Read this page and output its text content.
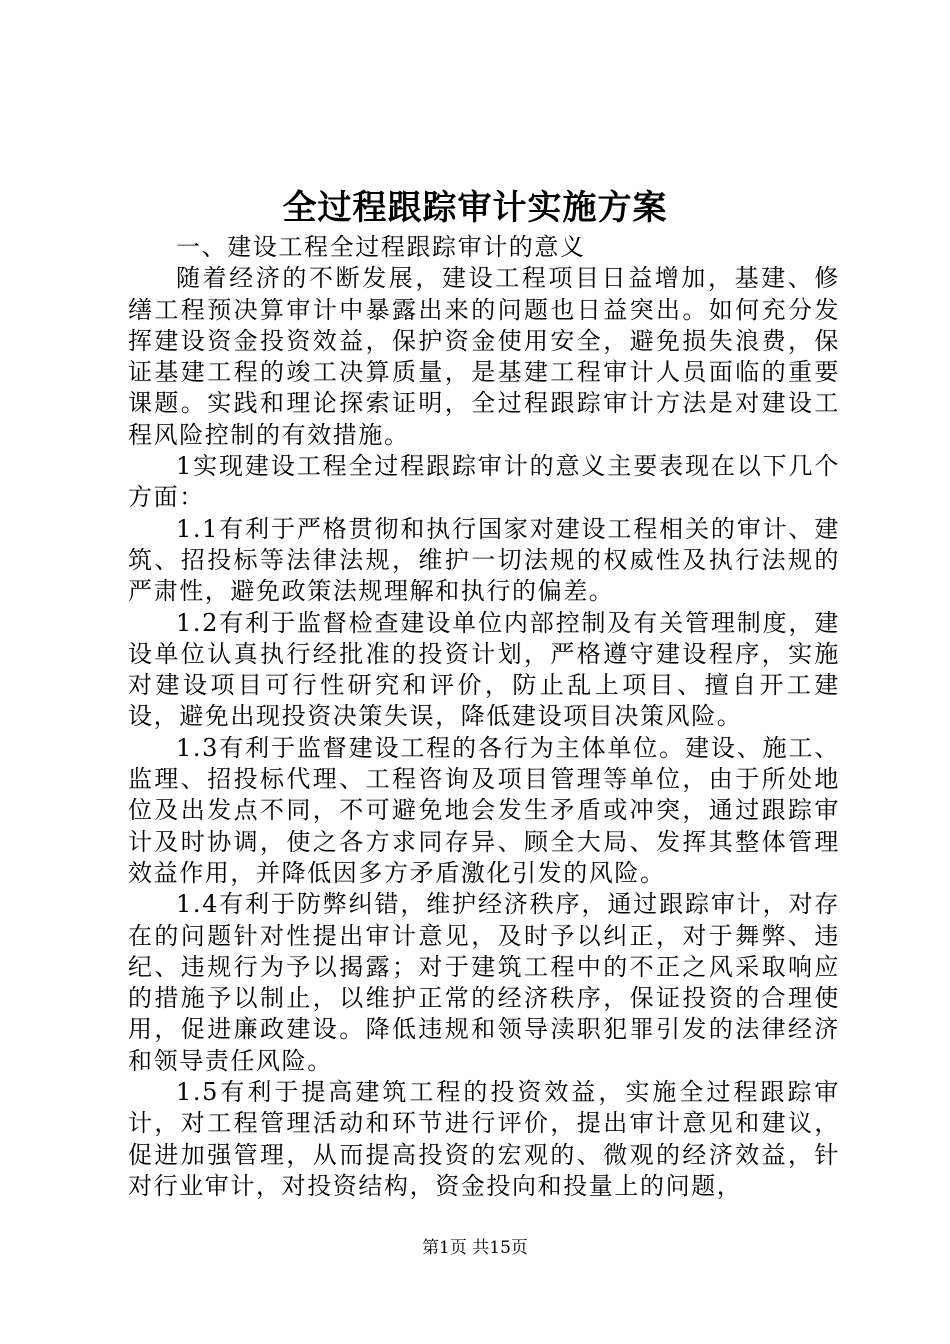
全过程跟踪审计实施方案

一、建设工程全过程跟踪审计的意义

随着经济的不断发展，建设工程项目日益增加，基建、修缮工程预决算审计中暴露出来的问题也日益突出。如何充分发挥建设资金投资效益，保护资金使用安全，避免损失浪费，保证基建工程的竣工决算质量，是基建工程审计人员面临的重要课题。实践和理论探索证明，全过程跟踪审计方法是对建设工程风险控制的有效措施。

1实现建设工程全过程跟踪审计的意义主要表现在以下几个方面：

1.1有利于严格贯彻和执行国家对建设工程相关的审计、建筑、招投标等法律法规，维护一切法规的权威性及执行法规的严肃性，避免政策法规理解和执行的偏差。

1.2有利于监督检查建设单位内部控制及有关管理制度，建设单位认真执行经批准的投资计划，严格遵守建设程序，实施对建设项目可行性研究和评价，防止乱上项目、擅自开工建设，避免出现投资决策失误，降低建设项目决策风险。

1.3有利于监督建设工程的各行为主体单位。建设、施工、监理、招投标代理、工程咨询及项目管理等单位，由于所处地位及出发点不同，不可避免地会发生矛盾或冲突，通过跟踪审计及时协调，使之各方求同存异、顾全大局、发挥其整体管理效益作用，并降低因多方矛盾激化引发的风险。

1.4有利于防弊纠错，维护经济秩序，通过跟踪审计，对存在的问题针对性提出审计意见，及时予以纠正，对于舞弊、违纪、违规行为予以揭露；对于建筑工程中的不正之风采取响应的措施予以制止，以维护正常的经济秩序，保证投资的合理使用，促进廉政建设。降低违规和领导渎职犯罪引发的法律经济和领导责任风险。

1.5有利于提高建筑工程的投资效益，实施全过程跟踪审计，对工程管理活动和环节进行评价，提出审计意见和建议，促进加强管理，从而提高投资的宏观的、微观的经济效益，针对行业审计，对投资结构，资金投向和投量上的问题，

第1页 共15页
